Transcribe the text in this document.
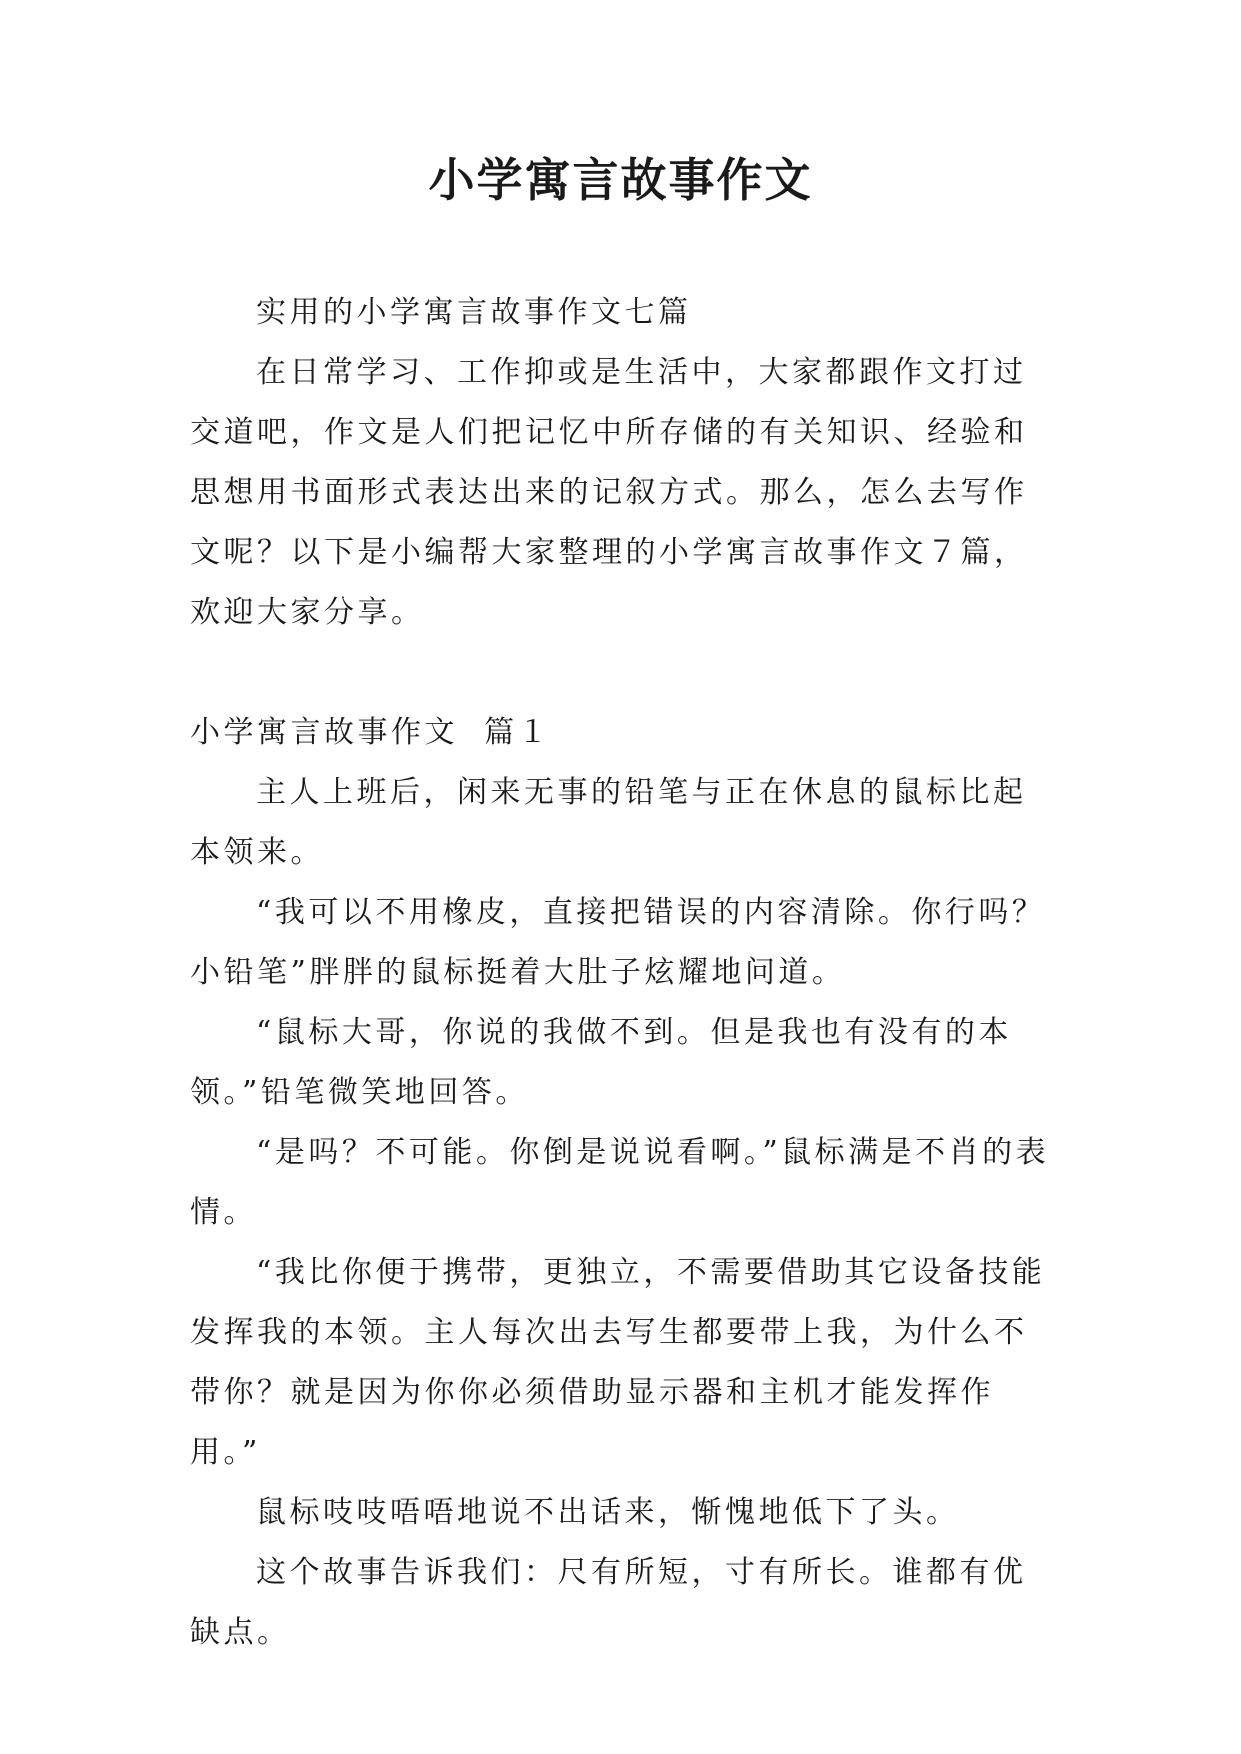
小学寓言故事作文

实用的小学寓言故事作文七篇

在日常学习、工作抑或是生活中，大家都跟作文打过交道吧，作文是人们把记忆中所存储的有关知识、经验和思想用书面形式表达出来的记叙方式。那么，怎么去写作文呢？以下是小编帮大家整理的小学寓言故事作文７篇，欢迎大家分享。

小学寓言故事作文  篇１

主人上班后，闲来无事的铅笔与正在休息的鼠标比起本领来。

“我可以不用橡皮，直接把错误的内容清除。你行吗？小铅笔”胖胖的鼠标挺着大肚子炫耀地问道。

“鼠标大哥，你说的我做不到。但是我也有没有的本领。”铅笔微笑地回答。

“是吗？不可能。你倒是说说看啊。”鼠标满是不肖的表情。

“我比你便于携带，更独立，不需要借助其它设备技能发挥我的本领。主人每次出去写生都要带上我，为什么不带你？就是因为你你必须借助显示器和主机才能发挥作用。”

鼠标吱吱唔唔地说不出话来，惭愧地低下了头。

这个故事告诉我们：尺有所短，寸有所长。谁都有优缺点。
